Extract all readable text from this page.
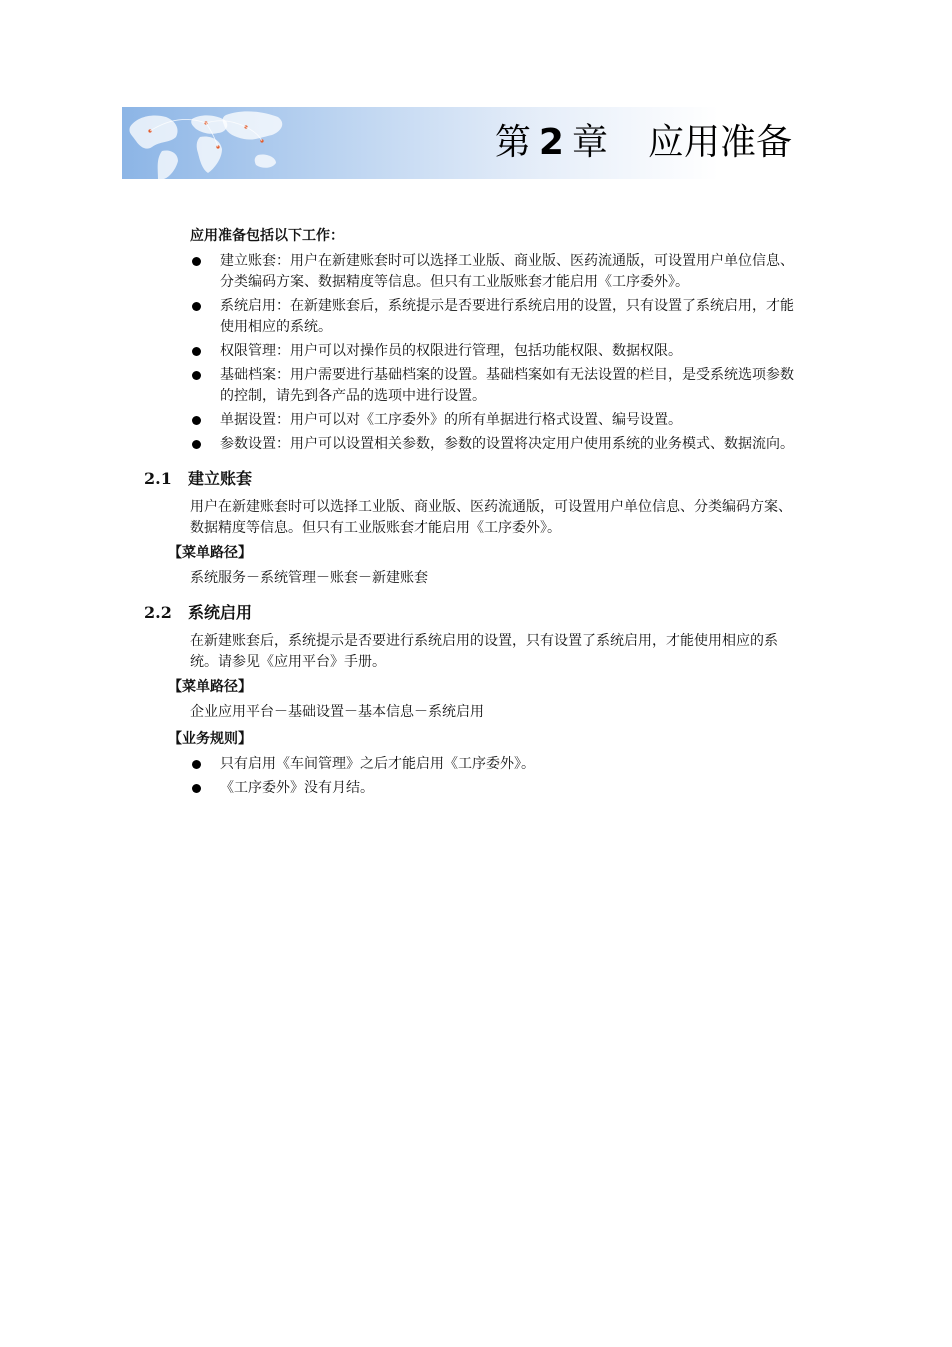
第 2 章 应用准备
应用准备包括以下工作：
建立账套：用户在新建账套时可以选择工业版、商业版、医药流通版，可设置用户单位信息、分类编码方案、数据精度等信息。但只有工业版账套才能启用《工序委外》。
系统启用：在新建账套后，系统提示是否要进行系统启用的设置，只有设置了系统启用，才能使用相应的系统。
权限管理：用户可以对操作员的权限进行管理，包括功能权限、数据权限。
基础档案：用户需要进行基础档案的设置。基础档案如有无法设置的栏目，是受系统选项参数的控制，请先到各产品的选项中进行设置。
单据设置：用户可以对《工序委外》的所有单据进行格式设置、编号设置。
参数设置：用户可以设置相关参数，参数的设置将决定用户使用系统的业务模式、数据流向。
2.1 建立账套
用户在新建账套时可以选择工业版、商业版、医药流通版，可设置用户单位信息、分类编码方案、数据精度等信息。但只有工业版账套才能启用《工序委外》。
【菜单路径】
系统服务－系统管理－账套－新建账套
2.2 系统启用
在新建账套后，系统提示是否要进行系统启用的设置，只有设置了系统启用，才能使用相应的系统。请参见《应用平台》手册。
【菜单路径】
企业应用平台－基础设置－基本信息－系统启用
【业务规则】
只有启用《车间管理》之后才能启用《工序委外》。
《工序委外》没有月结。
